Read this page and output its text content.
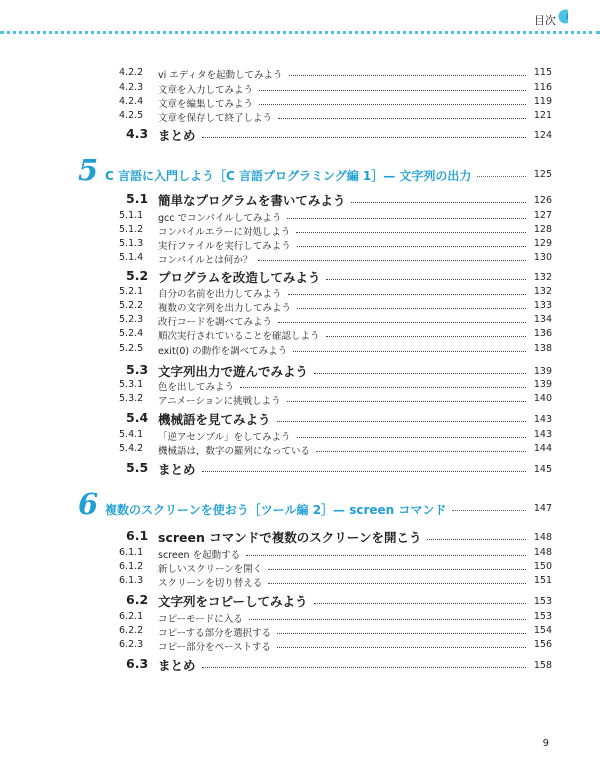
目次
4.2.2 vi エディタを起動してみよう	115
4.2.3 文章を入力してみよう	116
4.2.4 文章を編集してみよう	119
4.2.5 文章を保存して終了しよう	121
4.3 まとめ	124
5 C 言語に入門しよう［C 言語プログラミング編 1］— 文字列の出力	125
5.1 簡単なプログラムを書いてみよう	126
5.1.1 gcc でコンパイルしてみよう	127
5.1.2 コンパイルエラーに対処しよう	128
5.1.3 実行ファイルを実行してみよう	129
5.1.4 コンパイルとは何か？	130
5.2 プログラムを改造してみよう	132
5.2.1 自分の名前を出力してみよう	132
5.2.2 複数の文字列を出力してみよう	133
5.2.3 改行コードを調べてみよう	134
5.2.4 順次実行されていることを確認しよう	136
5.2.5 exit(0) の動作を調べてみよう	138
5.3 文字列出力で遊んでみよう	139
5.3.1 色を出してみよう	139
5.3.2 アニメーションに挑戦しよう	140
5.4 機械語を見てみよう	143
5.4.1 「逆アセンブル」をしてみよう	143
5.4.2 機械語は，数字の羅列になっている	144
5.5 まとめ	145
6 複数のスクリーンを使おう［ツール編 2］— screen コマンド	147
6.1 screen コマンドで複数のスクリーンを開こう	148
6.1.1 screen を起動する	148
6.1.2 新しいスクリーンを開く	150
6.1.3 スクリーンを切り替える	151
6.2 文字列をコピーしてみよう	153
6.2.1 コピーモードに入る	153
6.2.2 コピーする部分を選択する	154
6.2.3 コピー部分をペーストする	156
6.3 まとめ	158
9
